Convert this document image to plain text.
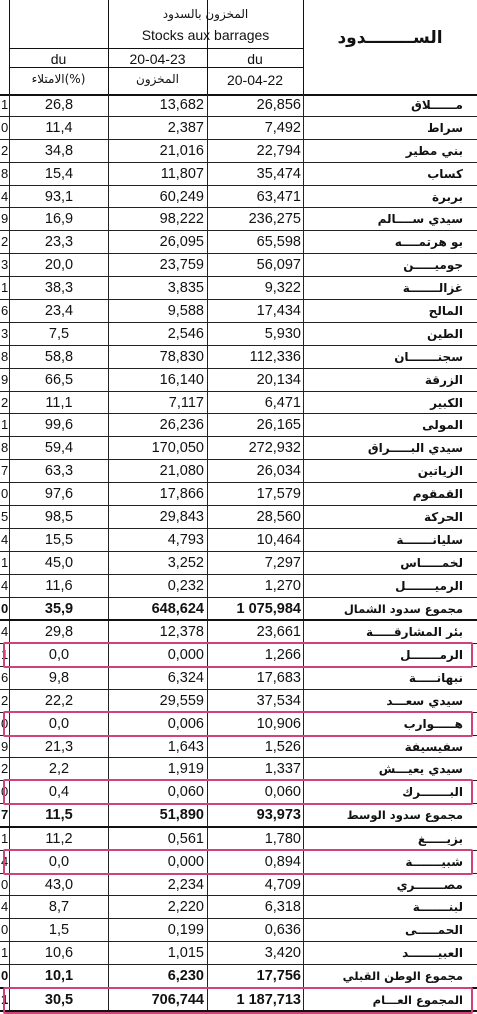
المخزون بالسدود
Stocks aux barrages	الســــــــدود
du	20-04-23	du
الامتلاء(%)	المخزون	20-04-22
1	26,8	13,682	26,856	مــــــلاق
0	11,4	2,387	7,492	سراط
2	34,8	21,016	22,794	بني مطير
8	15,4	11,807	35,474	كساب
4	93,1	60,249	63,471	بربرة
9	16,9	98,222	236,275	سيدي ســــالم
2	23,3	26,095	65,598	بو هرتمــــه
3	20,0	23,759	56,097	جوميـــــن
1	38,3	3,835	9,322	غزالـــــــة
6	23,4	9,588	17,434	المالح
3	7,5	2,546	5,930	الطين
8	58,8	78,830	112,336	سجنـــــــان
9	66,5	16,140	20,134	الزرقة
2	11,1	7,117	6,471	الكبير
1	99,6	26,236	26,165	المولى
8	59,4	170,050	272,932	سيدي البـــــراق
7	63,3	21,080	26,034	الزياتين
0	97,6	17,866	17,579	القمقوم
5	98,5	29,843	28,560	الحركة
4	15,5	4,793	10,464	سليانـــــــة
1	45,0	3,252	7,297	لخمـــــاس
4	11,6	0,232	1,270	الرميـــــــل
0	35,9	648,624	1 075,984	مجموع سدود الشمال
4	29,8	12,378	23,661	بئر المشارقـــــة
1	0,0	0,000	1,266	الرمـــــــل
6	9,8	6,324	17,683	نبهانـــــة
2	22,2	29,559	37,534	سيدي سعـــد
0	0,0	0,006	10,906	هـــــوارب
9	21,3	1,643	1,526	سفيسيفة
2	2,2	1,919	1,337	سيدي يعيـــش
0	0,4	0,060	0,060	البـــــــرك
7	11,5	51,890	93,973	مجموع سدود الوسط
1	11,2	0,561	1,780	بزيـــــغ
4	0,0	0,000	0,894	شبيـــــــة
0	43,0	2,234	4,709	مصـــــــري
4	8,7	2,220	6,318	لبنـــــــة
0	1,5	0,199	0,636	الحمـــــى
1	10,6	1,015	3,420	العبيـــــــد
0	10,1	6,230	17,756	مجموع الوطن القبلي
1	30,5	706,744	1 187,713	المجموع العـــام
